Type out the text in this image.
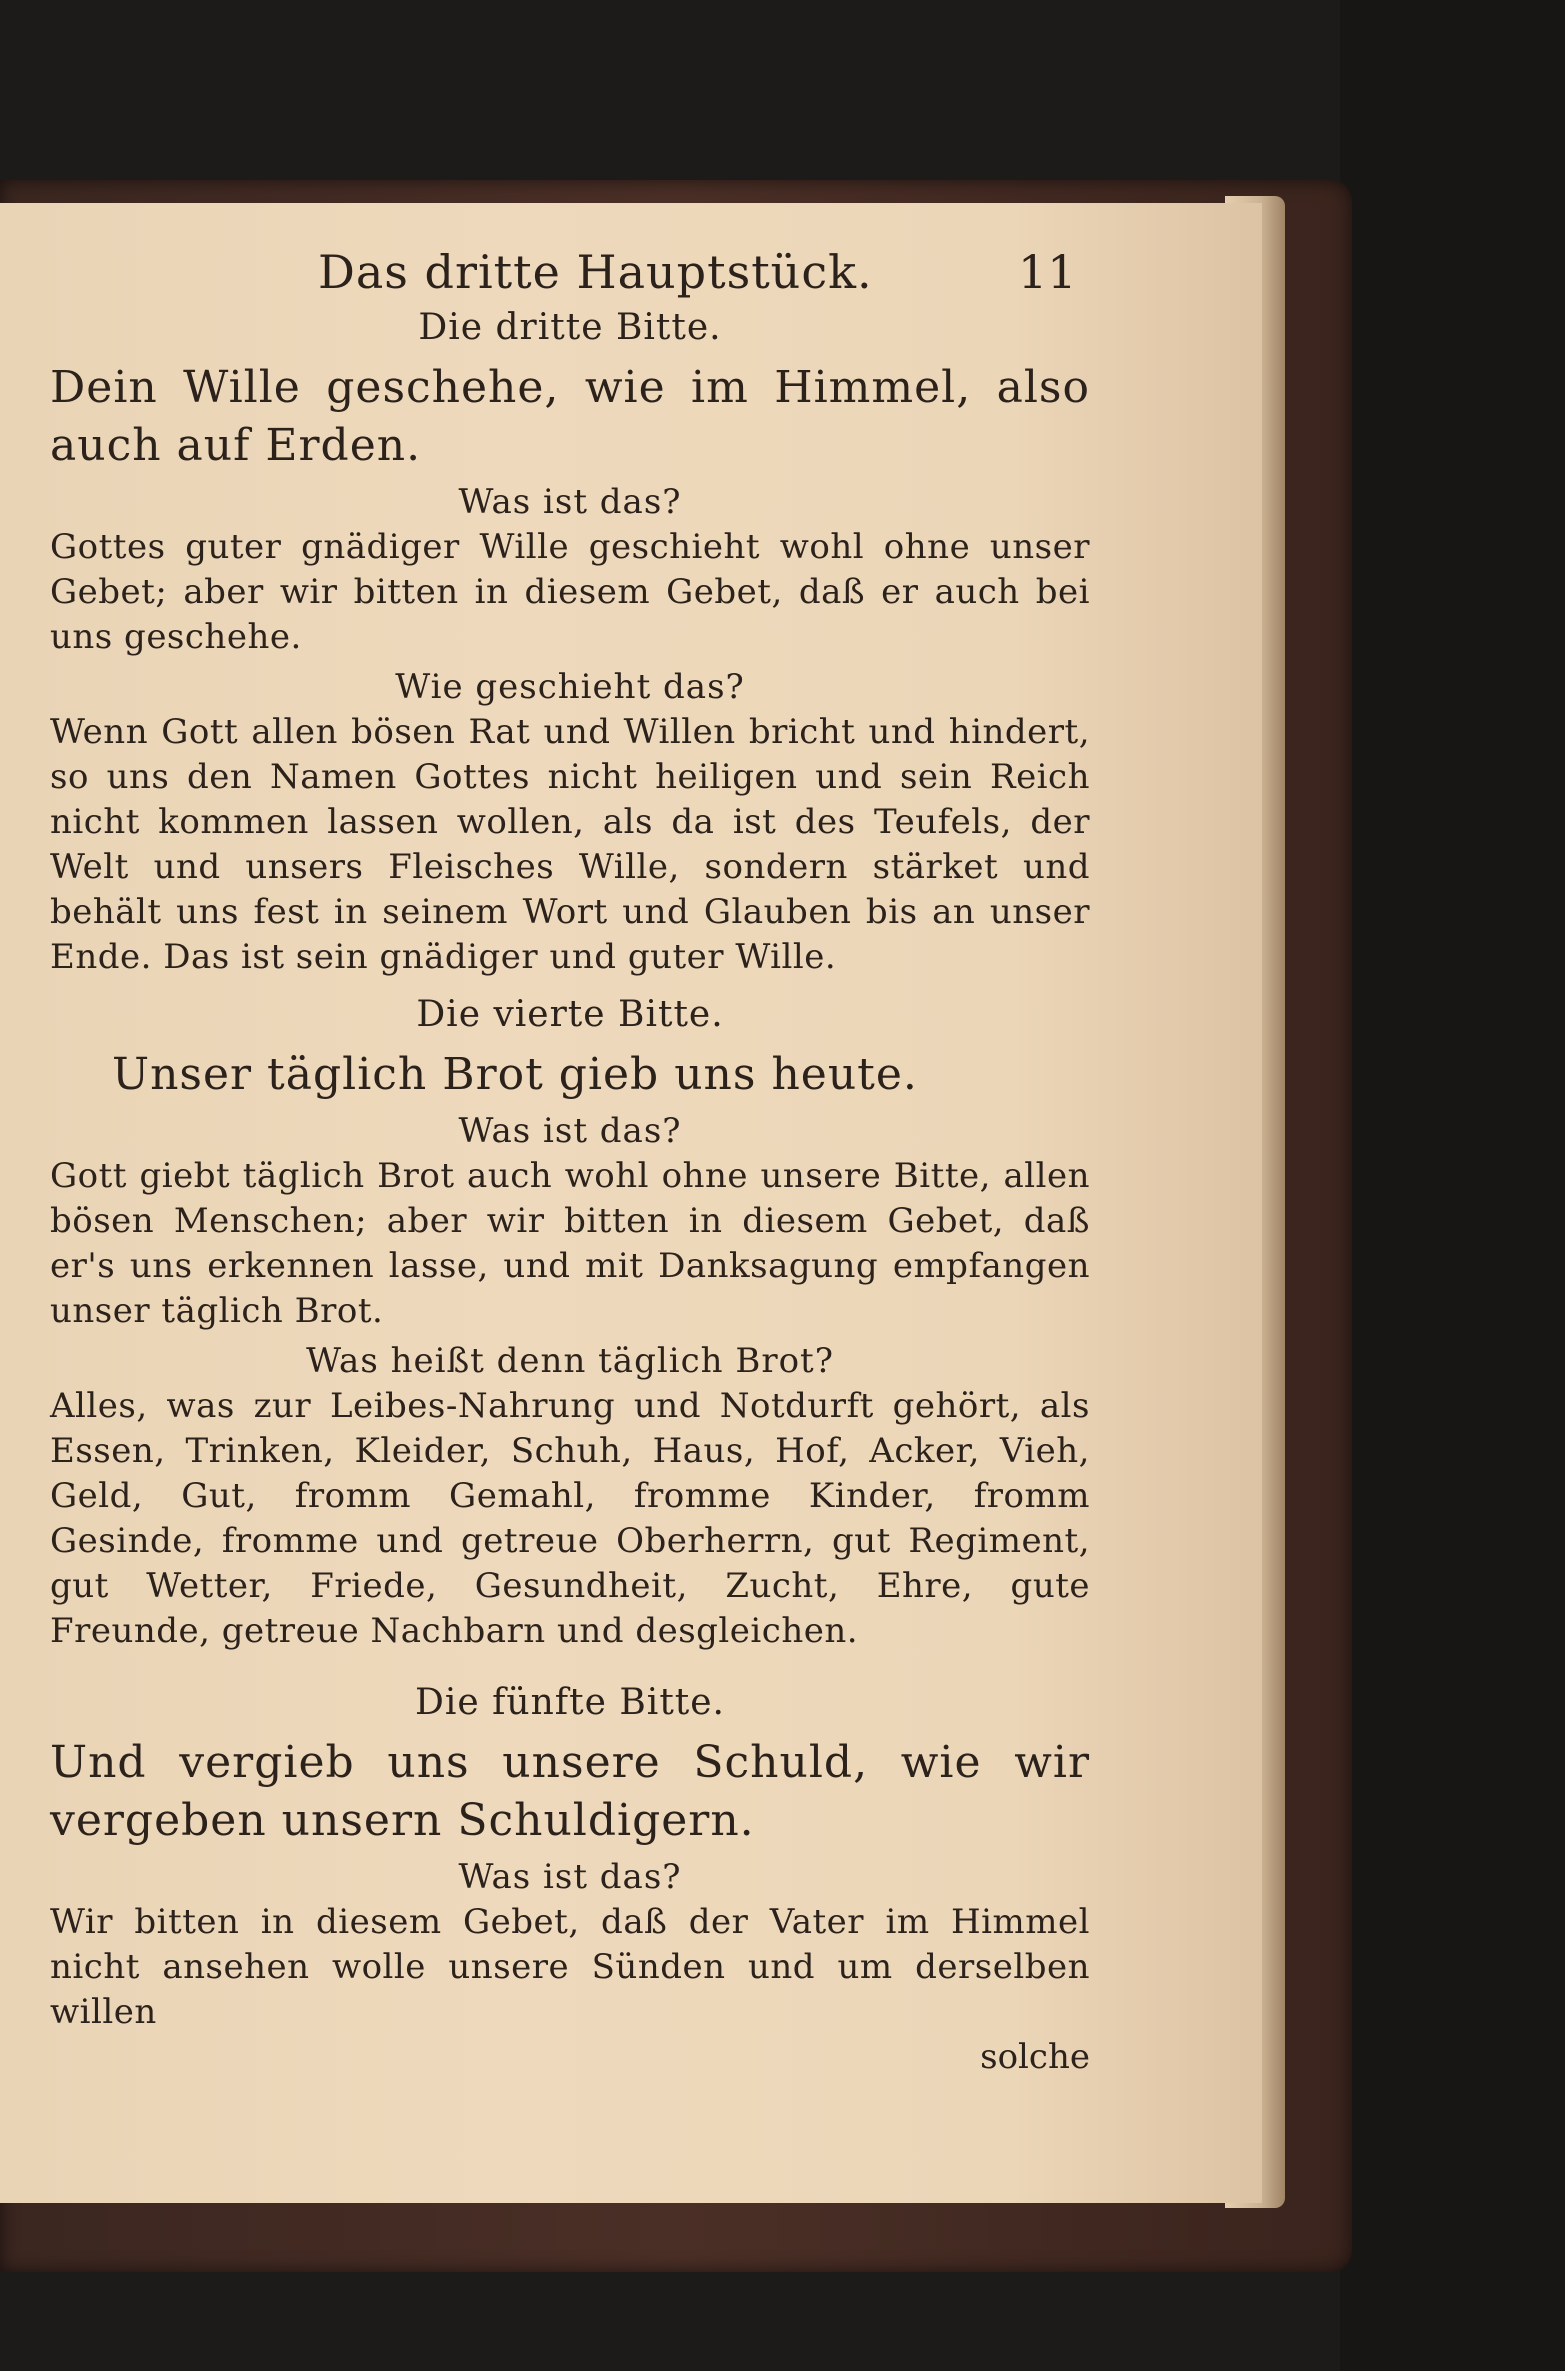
Das dritte Hauptstück.	11
Die dritte Bitte.
Dein Wille geschehe, wie im Himmel, also auch auf Erden.
Was ist das?
Gottes guter gnädiger Wille geschieht wohl ohne unser Gebet; aber wir bitten in diesem Gebet, daß er auch bei uns geschehe.
Wie geschieht das?
Wenn Gott allen bösen Rat und Willen bricht und hindert, so uns den Namen Gottes nicht heiligen und sein Reich nicht kommen lassen wollen, als da ist des Teufels, der Welt und unsers Fleisches Wille, sondern stärket und behält uns fest in seinem Wort und Glauben bis an unser Ende. Das ist sein gnädiger und guter Wille.
Die vierte Bitte.
Unser täglich Brot gieb uns heute.
Was ist das?
Gott giebt täglich Brot auch wohl ohne unsere Bitte, allen bösen Menschen; aber wir bitten in diesem Gebet, daß er's uns erkennen lasse, und mit Danksagung empfangen unser täglich Brot.
Was heißt denn täglich Brot?
Alles, was zur Leibes-Nahrung und Notdurft gehört, als Essen, Trinken, Kleider, Schuh, Haus, Hof, Acker, Vieh, Geld, Gut, fromm Gemahl, fromme Kinder, fromm Gesinde, fromme und getreue Oberherrn, gut Regiment, gut Wetter, Friede, Gesundheit, Zucht, Ehre, gute Freunde, getreue Nachbarn und desgleichen.
Die fünfte Bitte.
Und vergieb uns unsere Schuld, wie wir vergeben unsern Schuldigern.
Was ist das?
Wir bitten in diesem Gebet, daß der Vater im Himmel nicht ansehen wolle unsere Sünden und um derselben willen
solche
